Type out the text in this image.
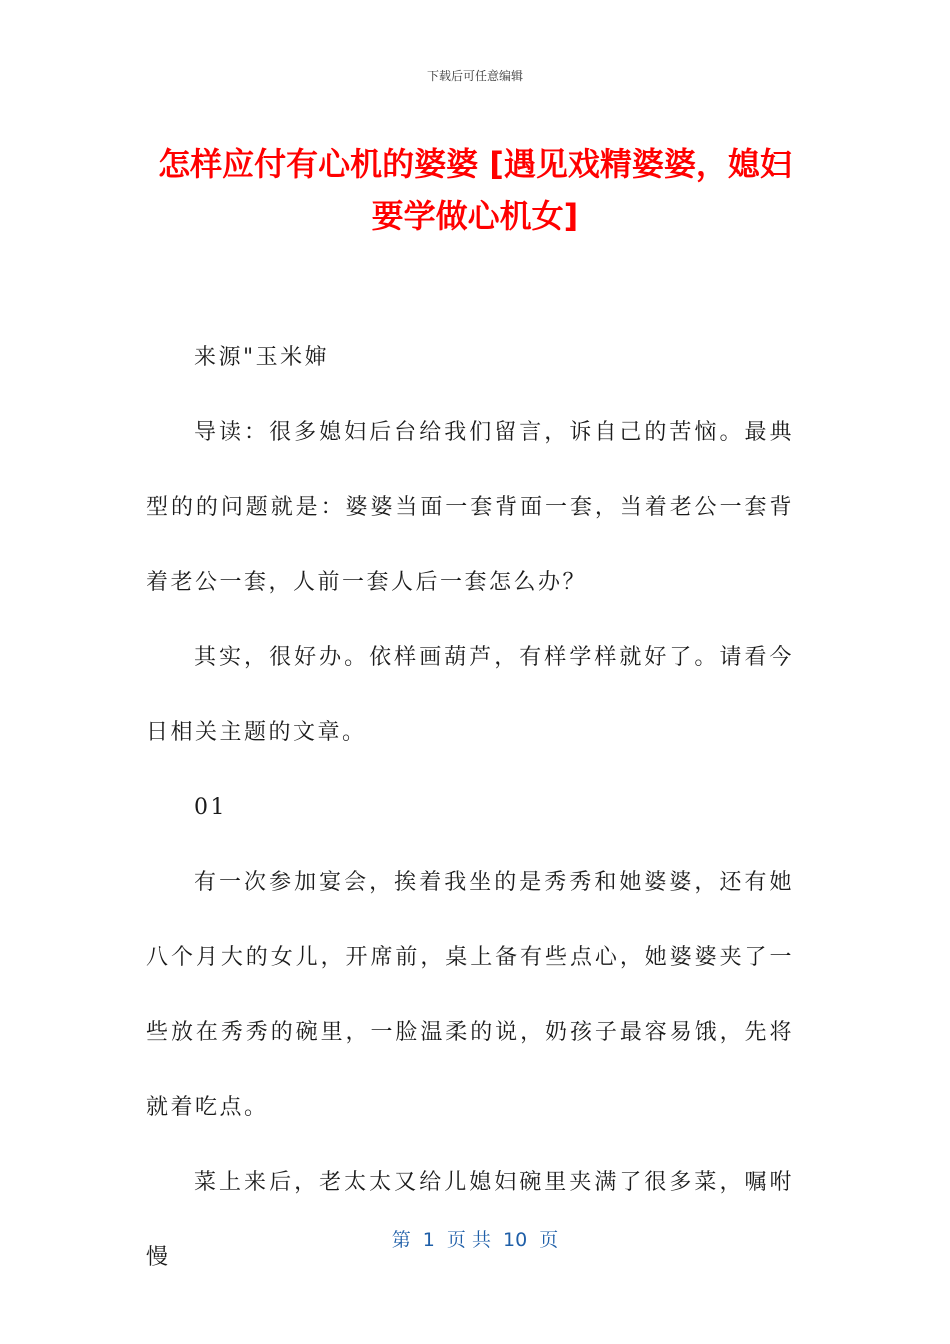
下载后可任意编辑
怎样应付有心机的婆婆 [遇见戏精婆婆，媳妇
要学做心机女]

来源"玉米婶

导读：很多媳妇后台给我们留言，诉自己的苦恼。最典型的的问题就是：婆婆当面一套背面一套，当着老公一套背着老公一套，人前一套人后一套怎么办？

其实，很好办。依样画葫芦，有样学样就好了。请看今日相关主题的文章。

01

有一次参加宴会，挨着我坐的是秀秀和她婆婆，还有她八个月大的女儿，开席前，桌上备有些点心，她婆婆夹了一些放在秀秀的碗里，一脸温柔的说，奶孩子最容易饿，先将就着吃点。

菜上来后，老太太又给儿媳妇碗里夹满了很多菜，嘱咐慢

第  1  页 共  10  页
